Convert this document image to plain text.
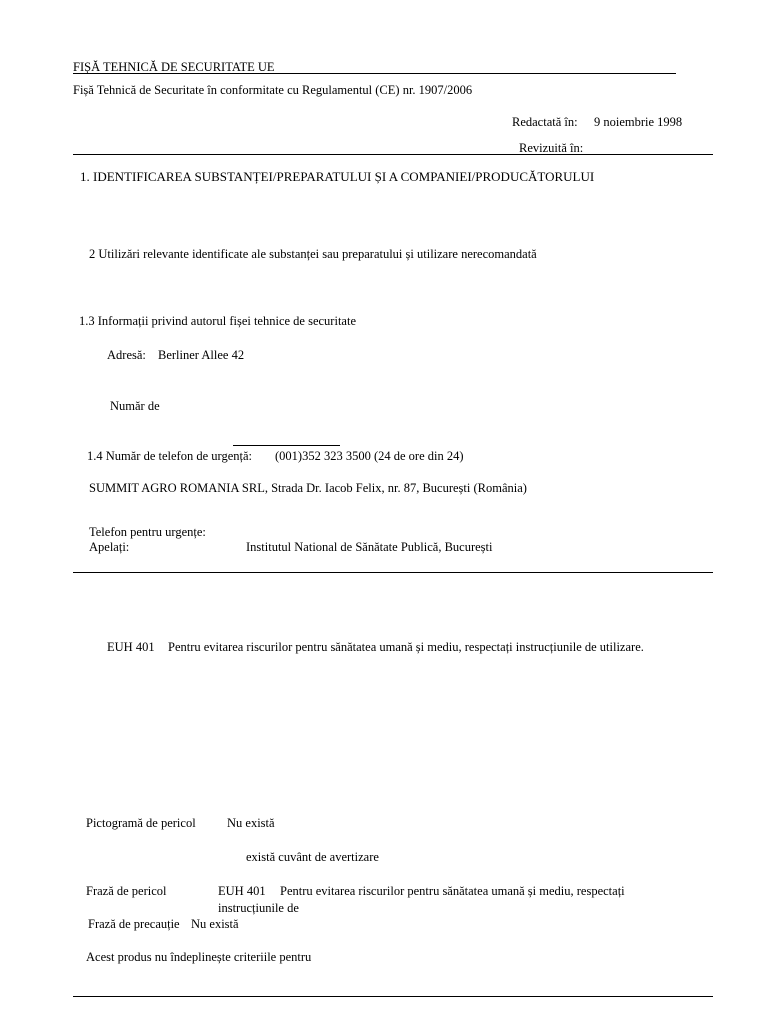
FIȘĂ TEHNICĂ DE SECURITATE UE
Fișă Tehnică de Securitate în conformitate cu Regulamentul (CE) nr. 1907/2006
Redactată în: 9 noiembrie 1998
Revizuită în:
1. IDENTIFICAREA SUBSTANȚEI/PREPARATULUI ȘI A COMPANIEI/PRODUCĂTORULUI
2 Utilizări relevante identificate ale substanței sau preparatului și utilizare nerecomandată
1.3 Informații privind autorul fișei tehnice de securitate
Adresă: Berliner Allee 42
Număr de
1.4 Număr de telefon de urgență: (001)352 323 3500 (24 de ore din 24)
SUMMIT AGRO ROMANIA SRL, Strada Dr. Iacob Felix, nr. 87, București (România)
Telefon pentru urgențe:
Apelați:	Institutul National de Sănătate Publică, București
EUH 401 Pentru evitarea riscurilor pentru sănătatea umană și mediu, respectați instrucțiunile de utilizare.
Pictogramă de pericol	Nu există
există cuvânt de avertizare
Frază de pericol	EUH 401 Pentru evitarea riscurilor pentru sănătatea umană și mediu, respectați
instrucțiunile de
Frază de precauție Nu există
Acest produs nu îndeplinește criteriile pentru
